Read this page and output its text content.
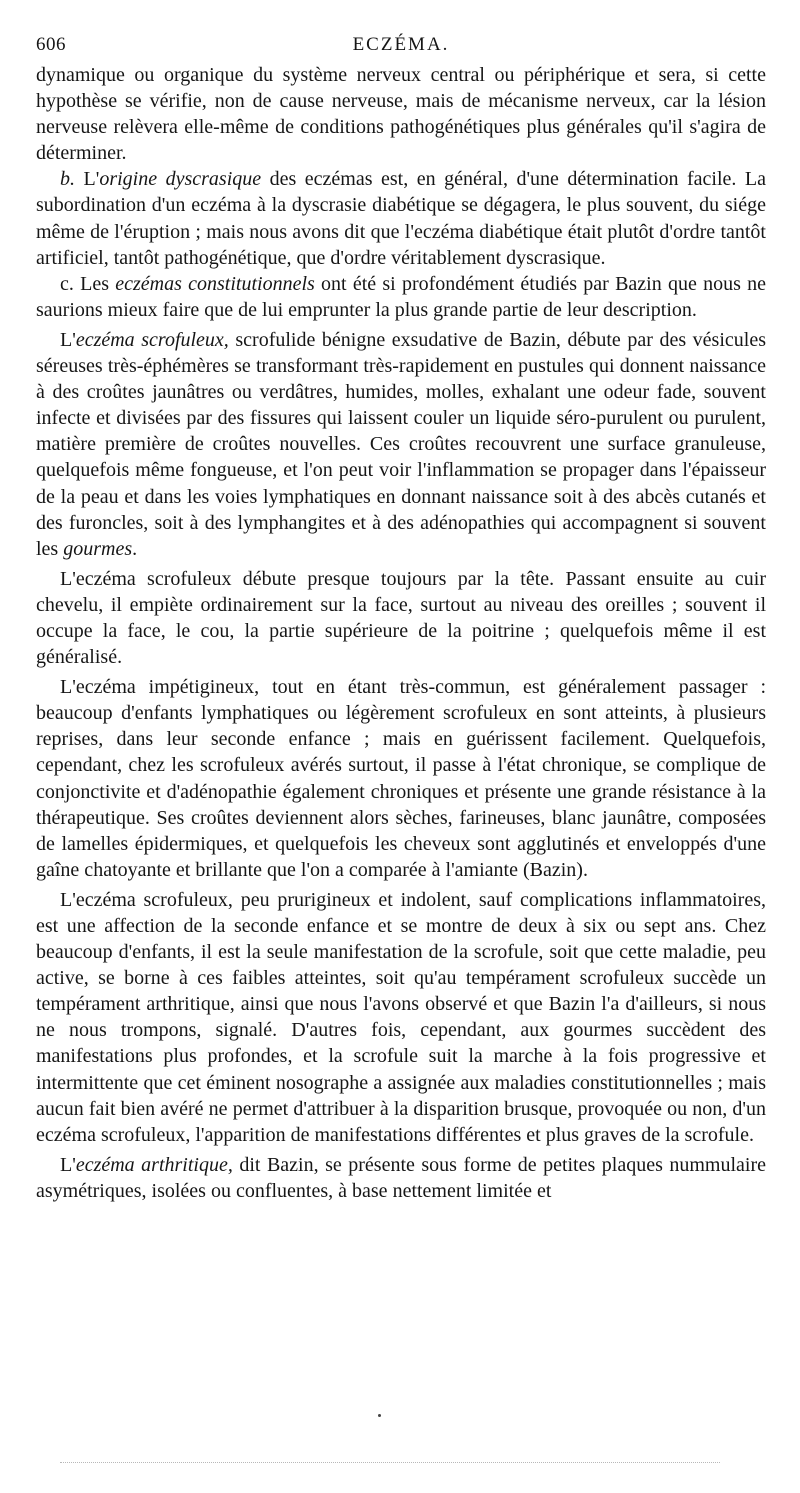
606	ECZÉMA.

dynamique ou organique du système nerveux central ou périphérique et sera, si cette hypothèse se vérifie, non de cause nerveuse, mais de mécanisme nerveux, car la lésion nerveuse relèvera elle-même de conditions pathogénétiques plus générales qu'il s'agira de déterminer.

b. L'origine dyscrasique des eczémas est, en général, d'une détermination facile. La subordination d'un eczéma à la dyscrasie diabétique se dégagera, le plus souvent, du siége même de l'éruption ; mais nous avons dit que l'eczéma diabétique était plutôt d'ordre tantôt artificiel, tantôt pathogénétique, que d'ordre véritablement dyscrasique.

c. Les eczémas constitutionnels ont été si profondément étudiés par Bazin que nous ne saurions mieux faire que de lui emprunter la plus grande partie de leur description.

L'eczéma scrofuleux, scrofulide bénigne exsudative de Bazin, débute par des vésicules séreuses très-éphémères se transformant très-rapidement en pustules qui donnent naissance à des croûtes jaunâtres ou verdâtres, humides, molles, exhalant une odeur fade, souvent infecte et divisées par des fissures qui laissent couler un liquide séro-purulent ou purulent, matière première de croûtes nouvelles. Ces croûtes recouvrent une surface granuleuse, quelquefois même fongueuse, et l'on peut voir l'inflammation se propager dans l'épaisseur de la peau et dans les voies lymphatiques en donnant naissance soit à des abcès cutanés et des furoncles, soit à des lymphangites et à des adénopathies qui accompagnent si souvent les gourmes.

L'eczéma scrofuleux débute presque toujours par la tête. Passant ensuite au cuir chevelu, il empiète ordinairement sur la face, surtout au niveau des oreilles ; souvent il occupe la face, le cou, la partie supérieure de la poitrine ; quelquefois même il est généralisé.

L'eczéma impétigineux, tout en étant très-commun, est généralement passager : beaucoup d'enfants lymphatiques ou légèrement scrofuleux en sont atteints, à plusieurs reprises, dans leur seconde enfance ; mais en guérissent facilement. Quelquefois, cependant, chez les scrofuleux avérés surtout, il passe à l'état chronique, se complique de conjonctivite et d'adénopathie également chroniques et présente une grande résistance à la thérapeutique. Ses croûtes deviennent alors sèches, farineuses, blanc jaunâtre, composées de lamelles épidermiques, et quelquefois les cheveux sont agglutinés et enveloppés d'une gaîne chatoyante et brillante que l'on a comparée à l'amiante (Bazin).

L'eczéma scrofuleux, peu prurigineux et indolent, sauf complications inflammatoires, est une affection de la seconde enfance et se montre de deux à six ou sept ans. Chez beaucoup d'enfants, il est la seule manifestation de la scrofule, soit que cette maladie, peu active, se borne à ces faibles atteintes, soit qu'au tempérament scrofuleux succède un tempérament arthritique, ainsi que nous l'avons observé et que Bazin l'a d'ailleurs, si nous ne nous trompons, signalé. D'autres fois, cependant, aux gourmes succèdent des manifestations plus profondes, et la scrofule suit la marche à la fois progressive et intermittente que cet éminent nosographe a assignée aux maladies constitutionnelles ; mais aucun fait bien avéré ne permet d'attribuer à la disparition brusque, provoquée ou non, d'un eczéma scrofuleux, l'apparition de manifestations différentes et plus graves de la scrofule.

L'eczéma arthritique, dit Bazin, se présente sous forme de petites plaques nummulaire asymétriques, isolées ou confluentes, à base nettement limitée et
